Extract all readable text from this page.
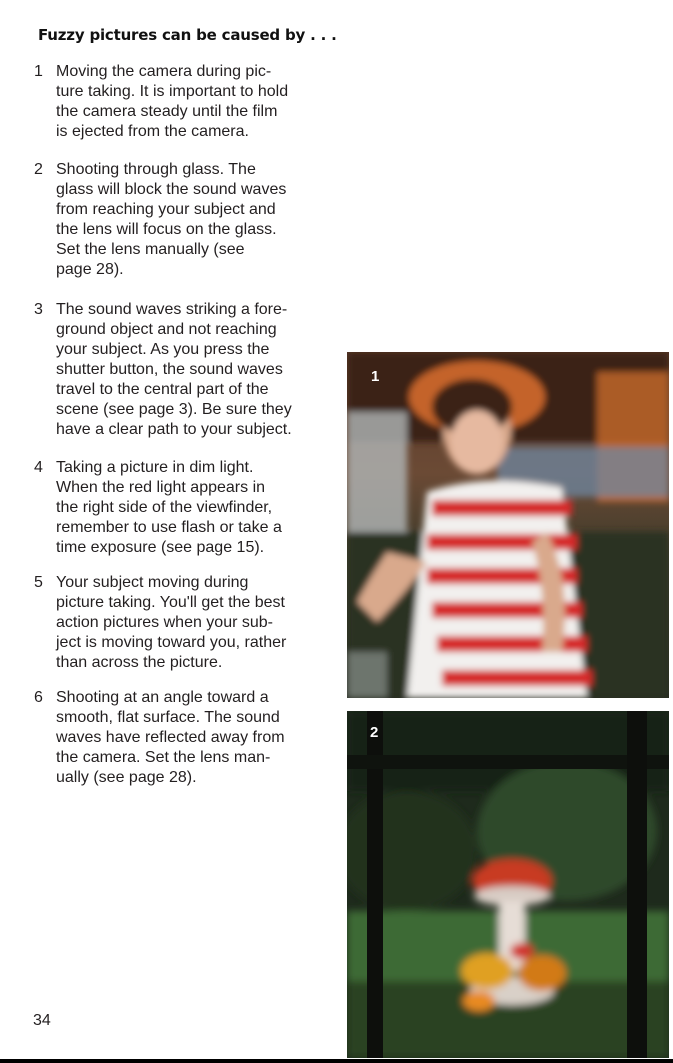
Fuzzy pictures can be caused by . . .
1 Moving the camera during pic-
ture taking. It is important to hold
the camera steady until the film
is ejected from the camera.
2 Shooting through glass. The
glass will block the sound waves
from reaching your subject and
the lens will focus on the glass.
Set the lens manually (see
page 28).
3 The sound waves striking a fore-
ground object and not reaching
your subject. As you press the
shutter button, the sound waves
travel to the central part of the
scene (see page 3). Be sure they
have a clear path to your subject.
4 Taking a picture in dim light.
When the red light appears in
the right side of the viewfinder,
remember to use flash or take a
time exposure (see page 15).
5 Your subject moving during
picture taking. You'll get the best
action pictures when your sub-
ject is moving toward you, rather
than across the picture.
6 Shooting at an angle toward a
smooth, flat surface. The sound
waves have reflected away from
the camera. Set the lens man-
ually (see page 28).
34
1
2
